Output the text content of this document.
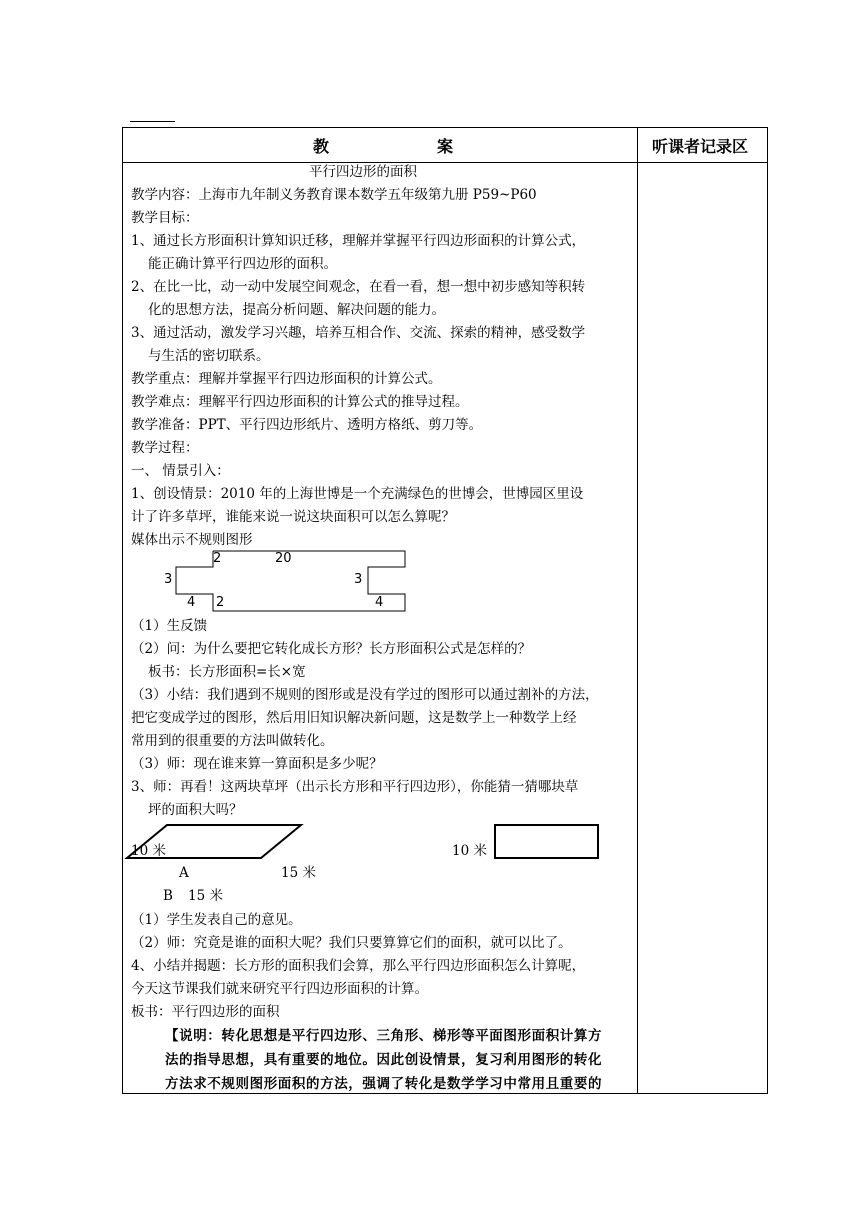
教	案	听课者记录区
平行四边形的面积
教学内容：上海市九年制义务教育课本数学五年级第九册 P59~P60
教学目标：
1、通过长方形面积计算知识迁移，理解并掌握平行四边形面积的计算公式，
能正确计算平行四边形的面积。
2、在比一比，动一动中发展空间观念，在看一看，想一想中初步感知等积转
化的思想方法，提高分析问题、解决问题的能力。
3、通过活动，激发学习兴趣，培养互相合作、交流、探索的精神，感受数学
与生活的密切联系。
教学重点：理解并掌握平行四边形面积的计算公式。
教学难点：理解平行四边形面积的计算公式的推导过程。
教学准备：PPT、平行四边形纸片、透明方格纸、剪刀等。
教学过程：
一、 情景引入：
1、创设情景：2010 年的上海世博是一个充满绿色的世博会，世博园区里设
计了许多草坪，谁能来说一说这块面积可以怎么算呢？
媒体出示不规则图形
（1）生反馈
（2）问：为什么要把它转化成长方形？长方形面积公式是怎样的？
板书：长方形面积=长×宽
（3）小结：我们遇到不规则的图形或是没有学过的图形可以通过割补的方法，
把它变成学过的图形，然后用旧知识解决新问题，这是数学上一种数学上经
常用到的很重要的方法叫做转化。
（3）师：现在谁来算一算面积是多少呢？
3、师：再看！这两块草坪（出示长方形和平行四边形），你能猜一猜哪块草
坪的面积大吗？
（1）学生发表自己的意见。
（2）师：究竟是谁的面积大呢？我们只要算算它们的面积，就可以比了。
4、小结并揭题：长方形的面积我们会算，那么平行四边形面积怎么计算呢，
今天这节课我们就来研究平行四边形面积的计算。
板书：平行四边形的面积
【说明：转化思想是平行四边形、三角形、梯形等平面图形面积计算方
法的指导思想，具有重要的地位。因此创设情景，复习利用图形的转化
方法求不规则图形面积的方法，强调了转化是数学学习中常用且重要的
2	20
3	3
4 2	4
10 米
A	15 米
10 米
B 15 米
